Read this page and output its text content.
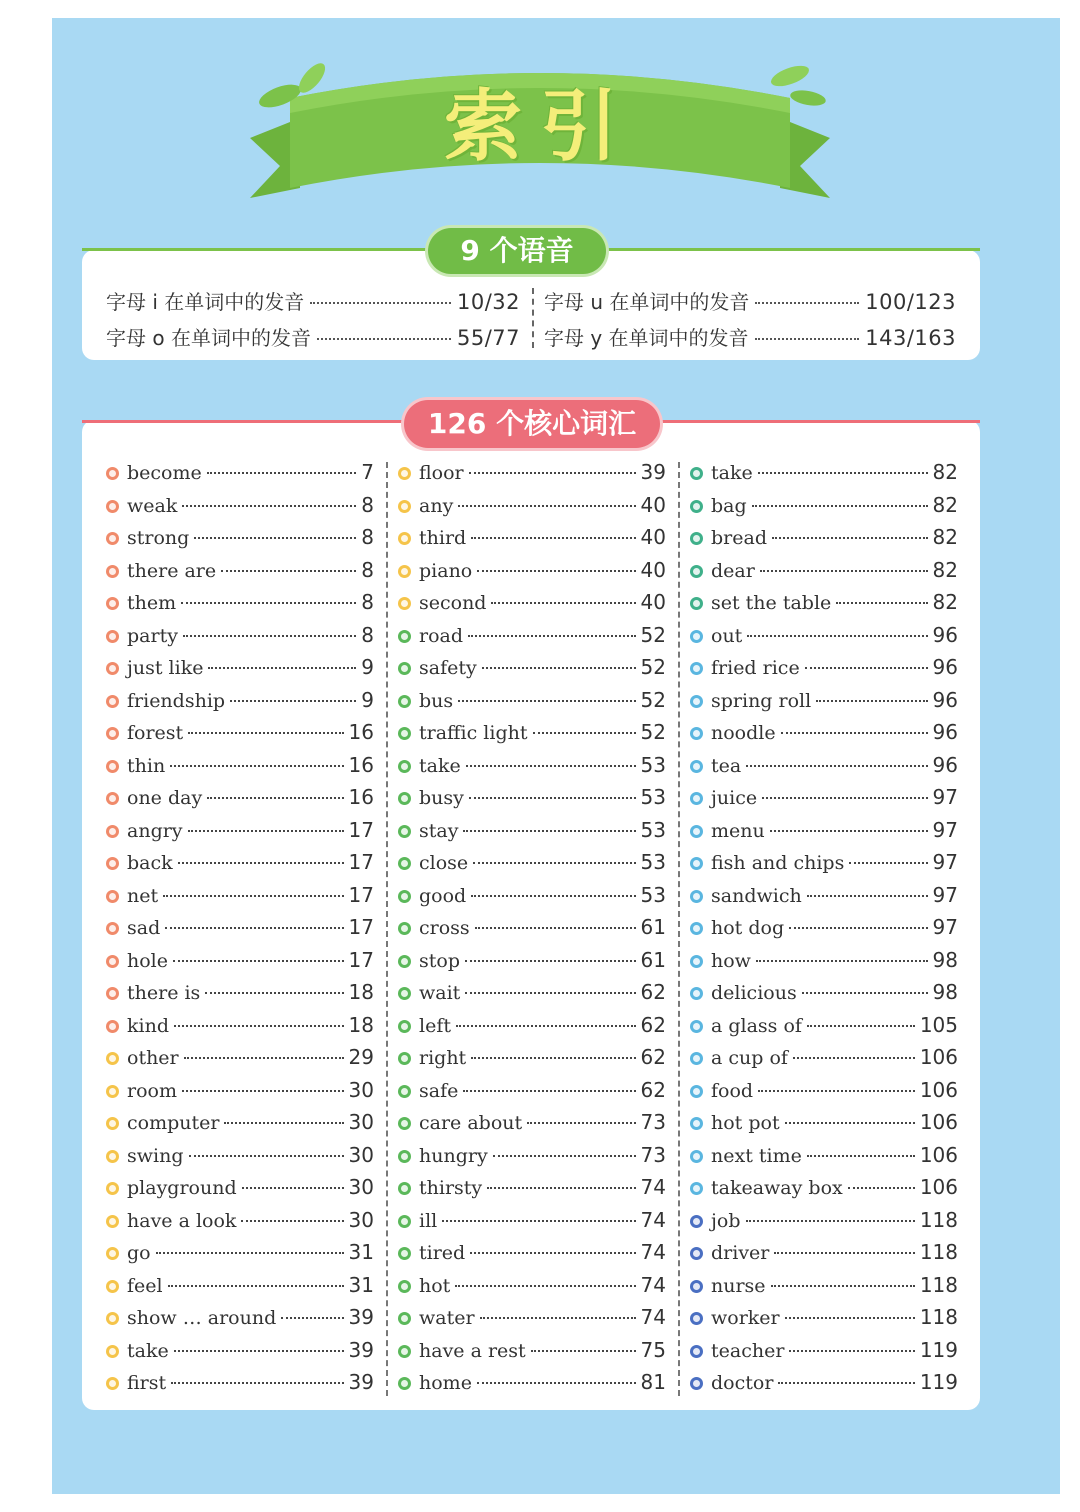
索引
9 个语音
字母 i 在单词中的发音	10/32 字母 u 在单词中的发音	100/123
字母 o 在单词中的发音	55/77 字母 y 在单词中的发音	143/163
126 个核心词汇
become	7
weak	8
strong	8
there are	8
them	8
party	8
just like	9
friendship	9
forest	16
thin	16
one day	16
angry	17
back	17
net	17
sad	17
hole	17
there is	18
kind	18
other	29
room	30
computer	30
swing	30
playground	30
have a look	30
go	31
feel	31
show … around	39
take	39
first	39
floor	39
any	40
third	40
piano	40
second	40
road	52
safety	52
bus	52
traffic light	52
take	53
busy	53
stay	53
close	53
good	53
cross	61
stop	61
wait	62
left	62
right	62
safe	62
care about	73
hungry	73
thirsty	74
ill	74
tired	74
hot	74
water	74
have a rest	75
home	81
take	82
bag	82
bread	82
dear	82
set the table	82
out	96
fried rice	96
spring roll	96
noodle	96
tea	96
juice	97
menu	97
fish and chips	97
sandwich	97
hot dog	97
how	98
delicious	98
a glass of	105
a cup of	106
food	106
hot pot	106
next time	106
takeaway box	106
job	118
driver	118
nurse	118
worker	118
teacher	119
doctor	119
